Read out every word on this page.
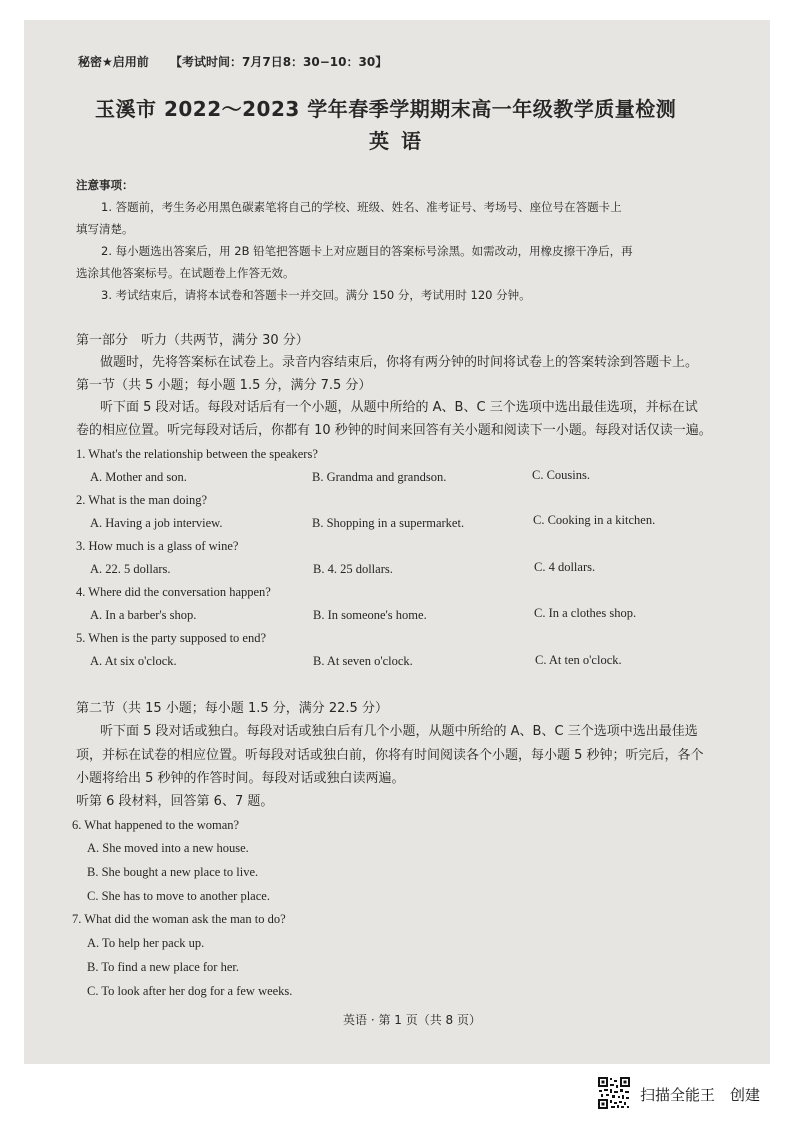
秘密★启用前 【考试时间：7月7日8：30−10：30】
玉溪市 2022～2023 学年春季学期期末高一年级教学质量检测
英语
注意事项：
1. 答题前，考生务必用黑色碳素笔将自己的学校、班级、姓名、准考证号、考场号、座位号在答题卡上
填写清楚。
2. 每小题选出答案后，用 2B 铅笔把答题卡上对应题目的答案标号涂黑。如需改动，用橡皮擦干净后，再
选涂其他答案标号。在试题卷上作答无效。
3. 考试结束后，请将本试卷和答题卡一并交回。满分 150 分，考试用时 120 分钟。
第一部分　听力（共两节，满分 30 分）
做题时，先将答案标在试卷上。录音内容结束后，你将有两分钟的时间将试卷上的答案转涂到答题卡上。
第一节（共 5 小题；每小题 1.5 分，满分 7.5 分）
听下面 5 段对话。每段对话后有一个小题，从题中所给的 A、B、C 三个选项中选出最佳选项，并标在试
卷的相应位置。听完每段对话后，你都有 10 秒钟的时间来回答有关小题和阅读下一小题。每段对话仅读一遍。
1. What's the relationship between the speakers?
A. Mother and son.	B. Grandma and grandson.	C. Cousins.
2. What is the man doing?
A. Having a job interview.	B. Shopping in a supermarket.	C. Cooking in a kitchen.
3. How much is a glass of wine?
A. 22. 5 dollars.	B. 4. 25 dollars.	C. 4 dollars.
4. Where did the conversation happen?
A. In a barber's shop.	B. In someone's home.	C. In a clothes shop.
5. When is the party supposed to end?
A. At six o'clock.	B. At seven o'clock.	C. At ten o'clock.
第二节（共 15 小题；每小题 1.5 分，满分 22.5 分）
听下面 5 段对话或独白。每段对话或独白后有几个小题，从题中所给的 A、B、C 三个选项中选出最佳选
项，并标在试卷的相应位置。听每段对话或独白前，你将有时间阅读各个小题，每小题 5 秒钟；听完后，各个
小题将给出 5 秒钟的作答时间。每段对话或独白读两遍。
听第 6 段材料，回答第 6、7 题。
6. What happened to the woman?
A. She moved into a new house.
B. She bought a new place to live.
C. She has to move to another place.
7. What did the woman ask the man to do?
A. To help her pack up.
B. To find a new place for her.
C. To look after her dog for a few weeks.
英语 · 第 1 页（共 8 页）
扫描全能王　创建
